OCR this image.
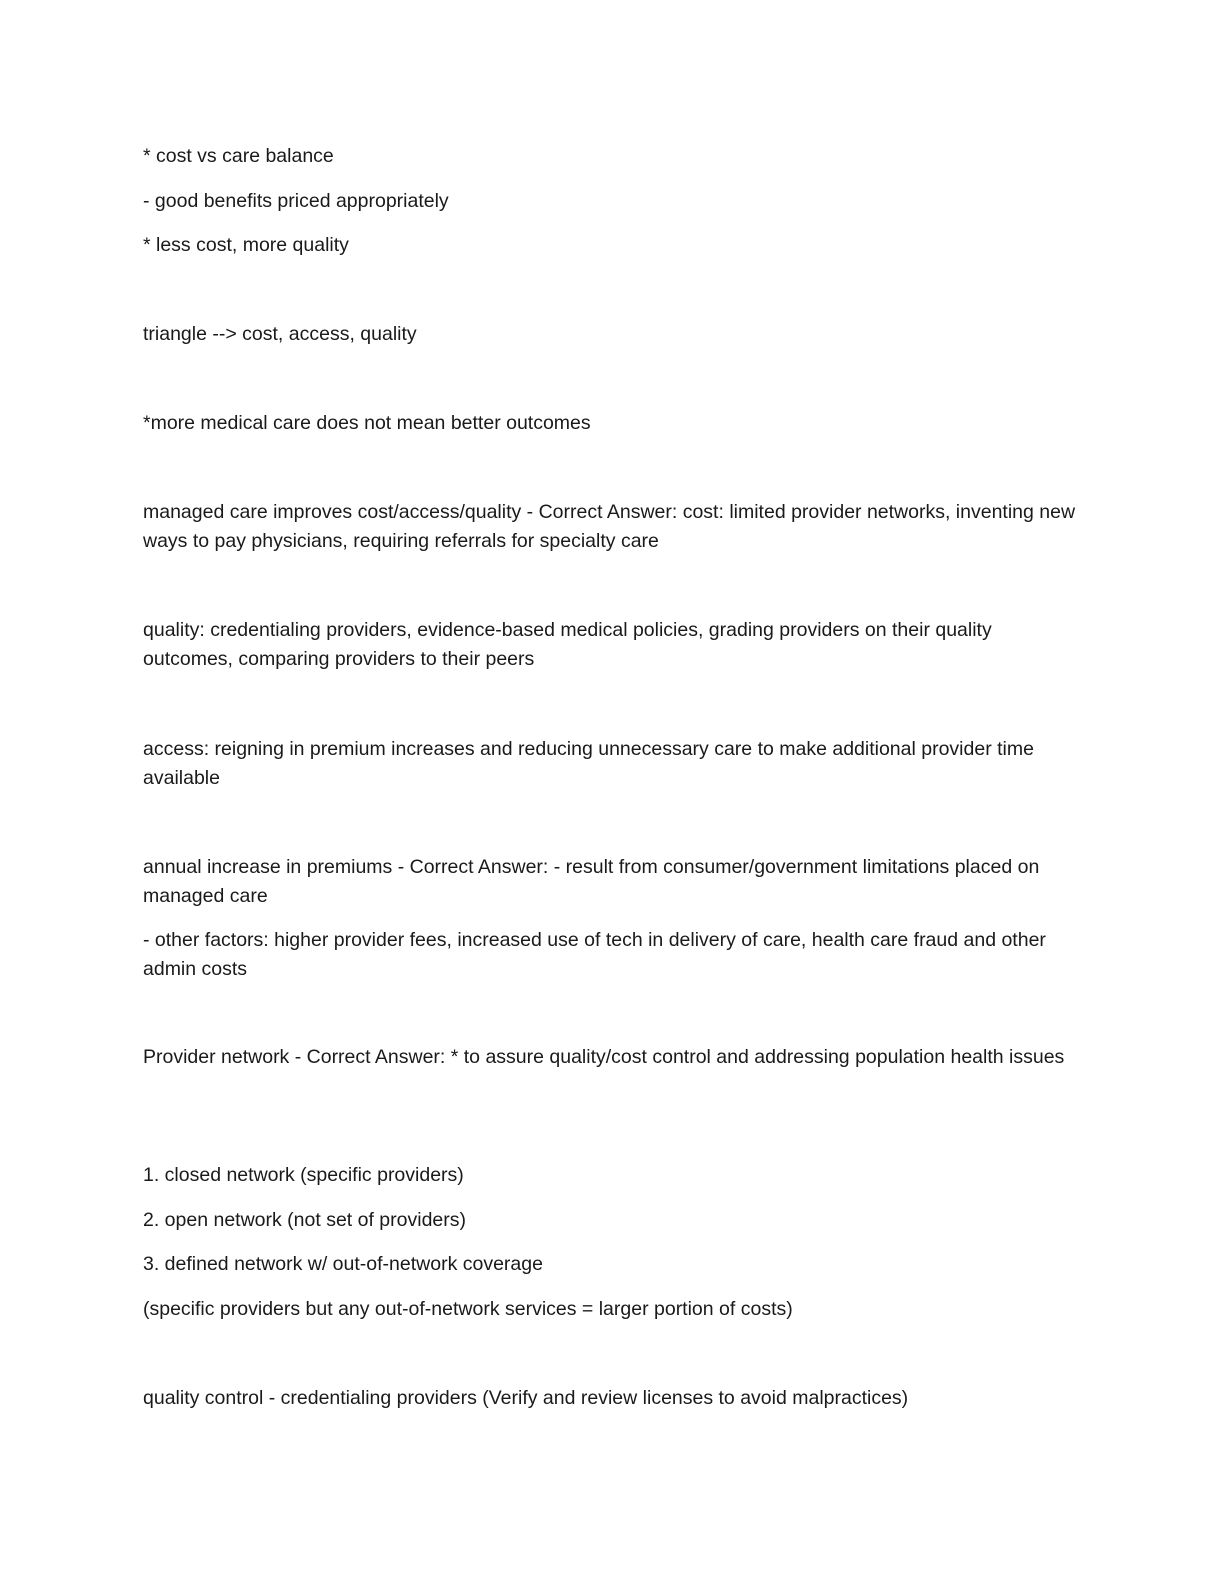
* cost vs care balance

- good benefits priced appropriately

* less cost, more quality

triangle --> cost, access, quality

*more medical care does not mean better outcomes

managed care improves cost/access/quality - Correct Answer: cost: limited provider networks, inventing new ways to pay physicians, requiring referrals for specialty care

quality: credentialing providers, evidence-based medical policies, grading providers on their quality outcomes, comparing providers to their peers

access: reigning in premium increases and reducing unnecessary care to make additional provider time available

annual increase in premiums - Correct Answer: - result from consumer/government limitations placed on managed care

- other factors: higher provider fees, increased use of tech in delivery of care, health care fraud and other admin costs

Provider network - Correct Answer: * to assure quality/cost control and addressing population health issues

1. closed network (specific providers)

2. open network (not set of providers)

3. defined network w/ out-of-network coverage

(specific providers but any out-of-network services = larger portion of costs)

quality control - credentialing providers (Verify and review licenses to avoid malpractices)
